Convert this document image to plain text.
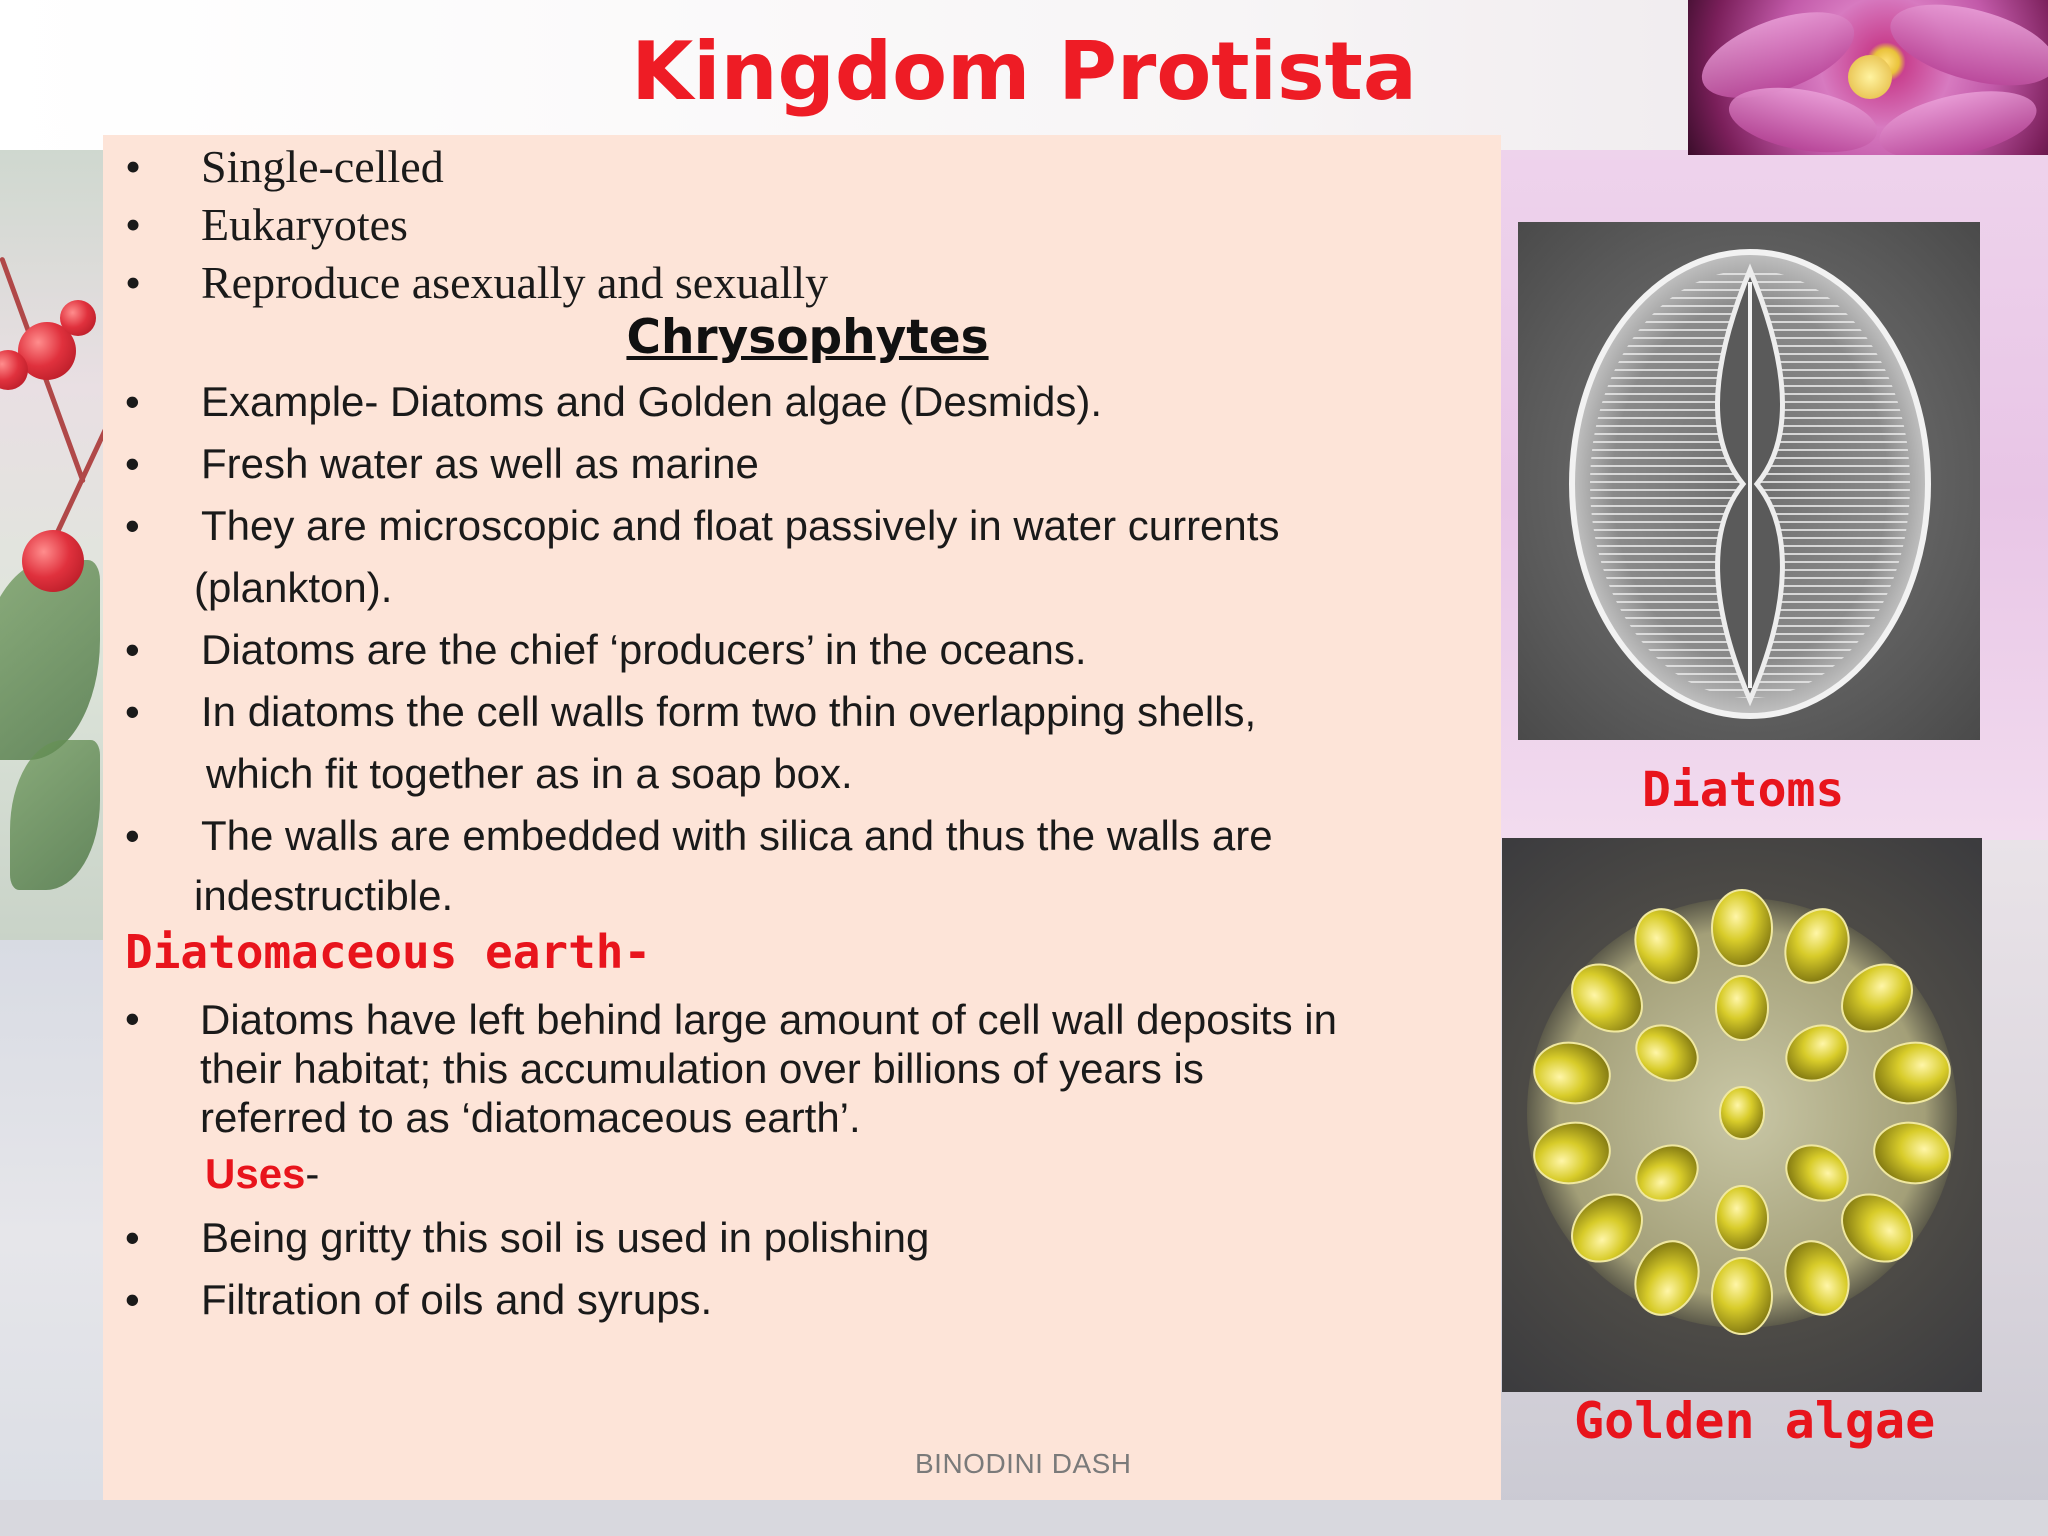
Kingdom Protista
• Single-celled
• Eukaryotes
• Reproduce asexually and sexually
Chrysophytes
• Example- Diatoms and Golden algae (Desmids).
• Fresh water as well as marine
• They are microscopic and float passively in water currents
(plankton).
• Diatoms are the chief ‘producers’ in the oceans.
• In diatoms the cell walls form two thin overlapping shells,
which fit together as in a soap box.
• The walls are embedded with silica and thus the walls are
indestructible.
Diatomaceous earth-
• Diatoms have left behind large amount of cell wall deposits in
their habitat; this accumulation over billions of years is
referred to as ‘diatomaceous earth’.
Uses-
• Being gritty this soil is used in polishing
• Filtration of oils and syrups.
BINODINI DASH
Diatoms
Golden algae
